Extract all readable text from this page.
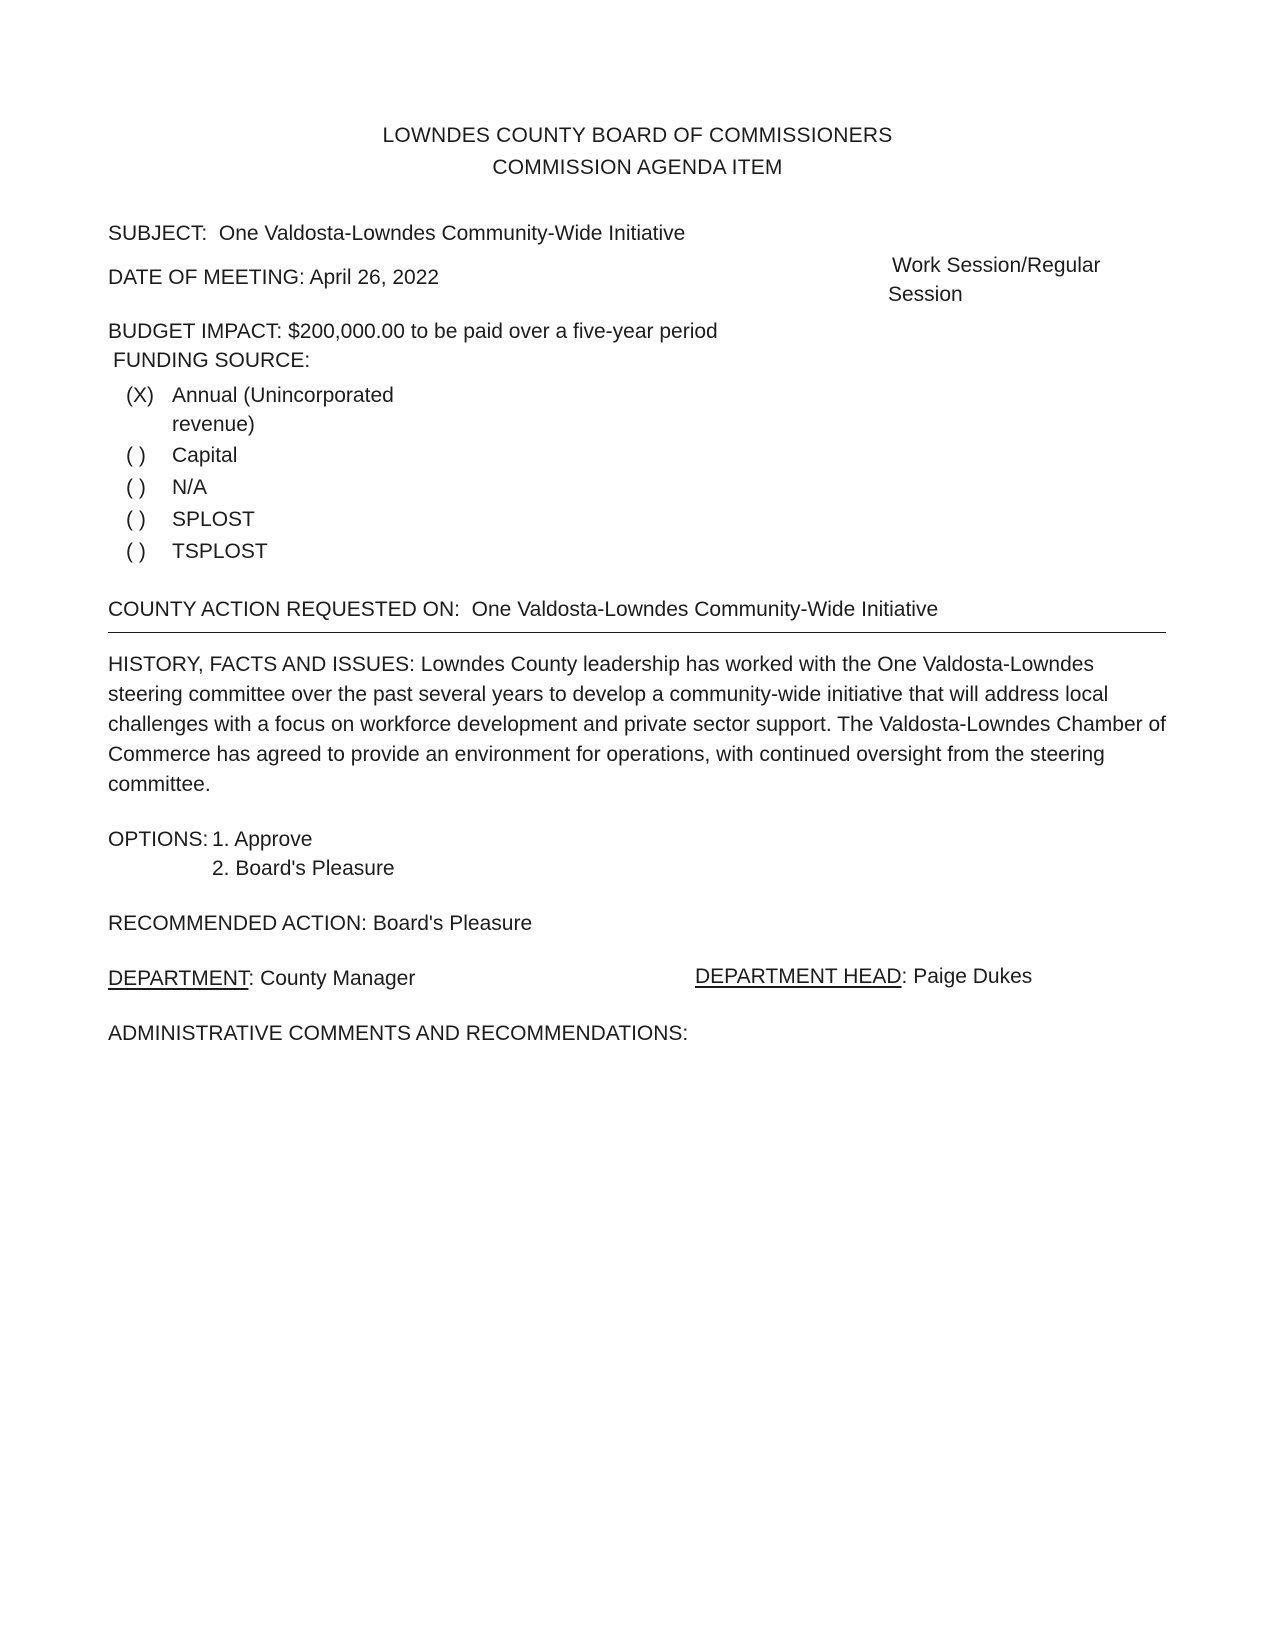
LOWNDES COUNTY BOARD OF COMMISSIONERS
COMMISSION AGENDA ITEM
SUBJECT: One Valdosta-Lowndes Community-Wide Initiative
DATE OF MEETING: April 26, 2022
Work Session/Regular
Session
BUDGET IMPACT: $200,000.00 to be paid over a five-year period
FUNDING SOURCE:
(X) Annual (Unincorporated
revenue)
( )	Capital
( )	N/A
( )	SPLOST
( )	TSPLOST
COUNTY ACTION REQUESTED ON: One Valdosta-Lowndes Community-Wide Initiative
HISTORY, FACTS AND ISSUES: Lowndes County leadership has worked with the One Valdosta-Lowndes steering committee over the past several years to develop a community-wide initiative that will address local challenges with a focus on workforce development and private sector support. The Valdosta-Lowndes Chamber of Commerce has agreed to provide an environment for operations, with continued oversight from the steering committee.
OPTIONS: 1. Approve
2. Board's Pleasure
RECOMMENDED ACTION: Board's Pleasure
DEPARTMENT: County Manager	DEPARTMENT HEAD: Paige Dukes
ADMINISTRATIVE COMMENTS AND RECOMMENDATIONS:
